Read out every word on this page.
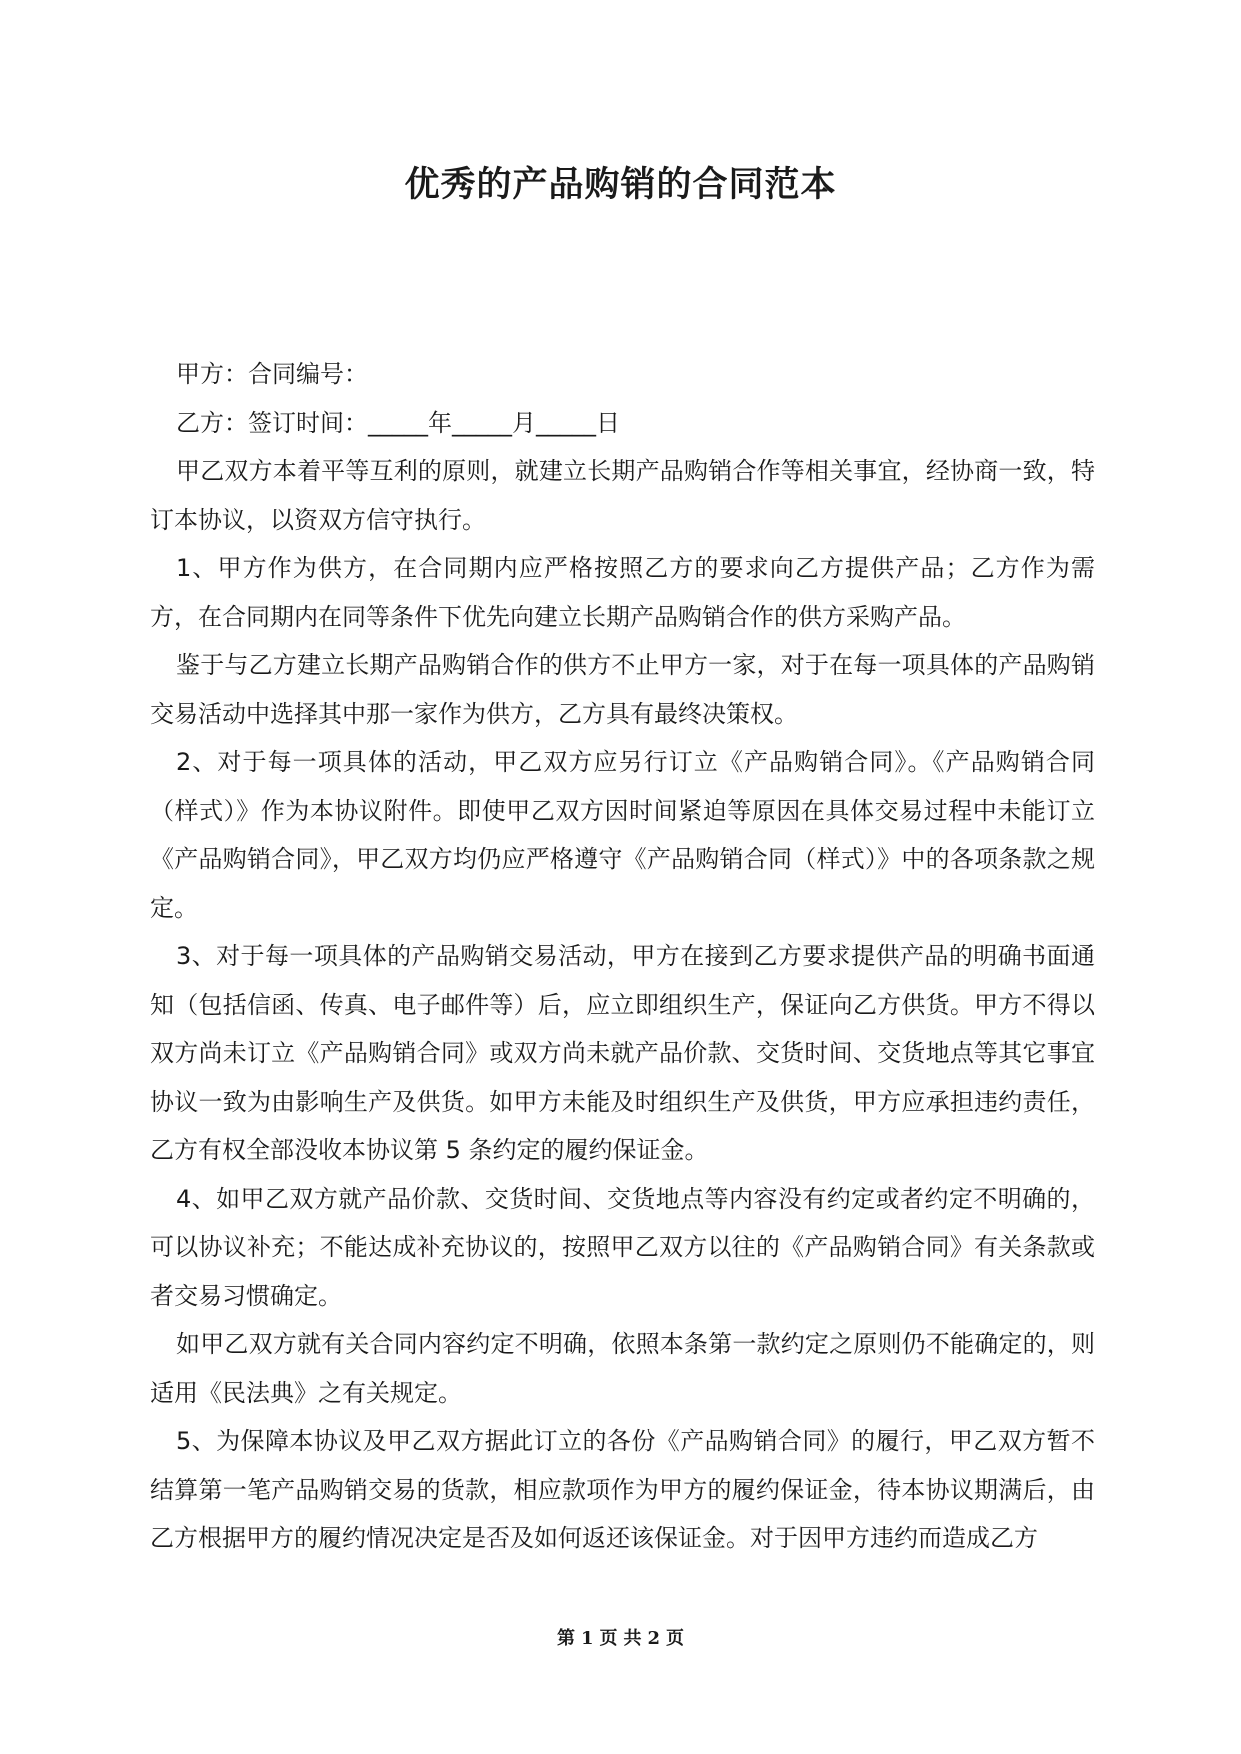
优秀的产品购销的合同范本

甲方：合同编号：

乙方：签订时间：_____年_____月_____日

甲乙双方本着平等互利的原则，就建立长期产品购销合作等相关事宜，经协商一致，特订本协议，以资双方信守执行。

1、甲方作为供方，在合同期内应严格按照乙方的要求向乙方提供产品；乙方作为需方，在合同期内在同等条件下优先向建立长期产品购销合作的供方采购产品。

鉴于与乙方建立长期产品购销合作的供方不止甲方一家，对于在每一项具体的产品购销交易活动中选择其中那一家作为供方，乙方具有最终决策权。

2、对于每一项具体的活动，甲乙双方应另行订立《产品购销合同》。《产品购销合同（样式）》作为本协议附件。即使甲乙双方因时间紧迫等原因在具体交易过程中未能订立《产品购销合同》，甲乙双方均仍应严格遵守《产品购销合同（样式）》中的各项条款之规定。

3、对于每一项具体的产品购销交易活动，甲方在接到乙方要求提供产品的明确书面通知（包括信函、传真、电子邮件等）后，应立即组织生产，保证向乙方供货。甲方不得以双方尚未订立《产品购销合同》或双方尚未就产品价款、交货时间、交货地点等其它事宜协议一致为由影响生产及供货。如甲方未能及时组织生产及供货，甲方应承担违约责任，乙方有权全部没收本协议第 5 条约定的履约保证金。

4、如甲乙双方就产品价款、交货时间、交货地点等内容没有约定或者约定不明确的，可以协议补充；不能达成补充协议的，按照甲乙双方以往的《产品购销合同》有关条款或者交易习惯确定。

如甲乙双方就有关合同内容约定不明确，依照本条第一款约定之原则仍不能确定的，则适用《民法典》之有关规定。

5、为保障本协议及甲乙双方据此订立的各份《产品购销合同》的履行，甲乙双方暂不结算第一笔产品购销交易的货款，相应款项作为甲方的履约保证金，待本协议期满后，由乙方根据甲方的履约情况决定是否及如何返还该保证金。对于因甲方违约而造成乙方

第 1 页 共 2 页
